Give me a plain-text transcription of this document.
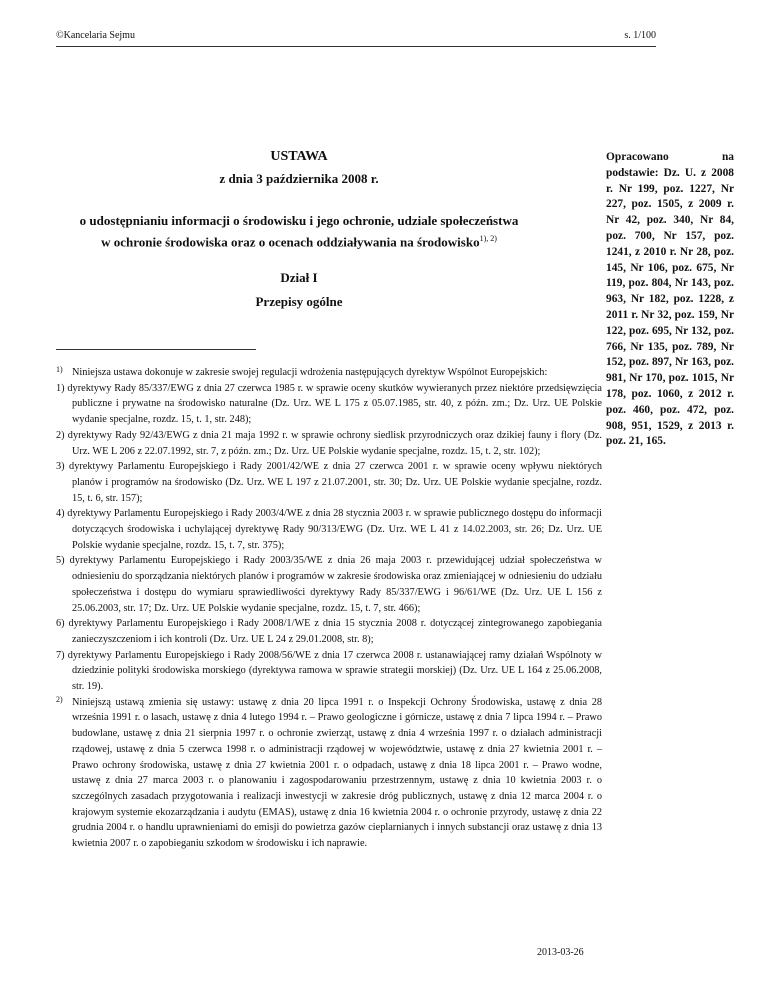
©Kancelaria Sejmu	s. 1/100
USTAWA
z dnia 3 października 2008 r.
o udostępnianiu informacji o środowisku i jego ochronie, udziale społeczeństwa
w ochronie środowiska oraz o ocenach oddziaływania na środowisko$^{1), 2)}$
Dział I
Przepisy ogólne
Opracowano na podstawie: Dz. U. z 2008 r. Nr 199, poz. 1227, Nr 227, poz. 1505, z 2009 r. Nr 42, poz. 340, Nr 84, poz. 700, Nr 157, poz. 1241, z 2010 r. Nr 28, poz. 145, Nr 106, poz. 675, Nr 119, poz. 804, Nr 143, poz. 963, Nr 182, poz. 1228, z 2011 r. Nr 32, poz. 159, Nr 122, poz. 695, Nr 132, poz. 766, Nr 135, poz. 789, Nr 152, poz. 897, Nr 163, poz. 981, Nr 170, poz. 1015, Nr 178, poz. 1060, z 2012 r. poz. 460, poz. 472, poz. 908, 951, 1529, z 2013 r. poz. 21, 165.
1) Niniejsza ustawa dokonuje w zakresie swojej regulacji wdrożenia następujących dyrektyw Wspólnot Europejskich:

1) dyrektywy Rady 85/337/EWG z dnia 27 czerwca 1985 r. w sprawie oceny skutków wywieranych przez niektóre przedsięwzięcia publiczne i prywatne na środowisko naturalne (Dz. Urz. WE L 175 z 05.07.1985, str. 40, z późn. zm.; Dz. Urz. UE Polskie wydanie specjalne, rozdz. 15, t. 1, str. 248);

2) dyrektywy Rady 92/43/EWG z dnia 21 maja 1992 r. w sprawie ochrony siedlisk przyrodniczych oraz dzikiej fauny i flory (Dz. Urz. WE L 206 z 22.07.1992, str. 7, z późn. zm.; Dz. Urz. UE Polskie wydanie specjalne, rozdz. 15, t. 2, str. 102);

3) dyrektywy Parlamentu Europejskiego i Rady 2001/42/WE z dnia 27 czerwca 2001 r. w sprawie oceny wpływu niektórych planów i programów na środowisko (Dz. Urz. WE L 197 z 21.07.2001, str. 30; Dz. Urz. UE Polskie wydanie specjalne, rozdz. 15, t. 6, str. 157);

4) dyrektywy Parlamentu Europejskiego i Rady 2003/4/WE z dnia 28 stycznia 2003 r. w sprawie publicznego dostępu do informacji dotyczących środowiska i uchylającej dyrektywę Rady 90/313/EWG (Dz. Urz. WE L 41 z 14.02.2003, str. 26; Dz. Urz. UE Polskie wydanie specjalne, rozdz. 15, t. 7, str. 375);

5) dyrektywy Parlamentu Europejskiego i Rady 2003/35/WE z dnia 26 maja 2003 r. przewidującej udział społeczeństwa w odniesieniu do sporządzania niektórych planów i programów w zakresie środowiska oraz zmieniającej w odniesieniu do udziału społeczeństwa i dostępu do wymiaru sprawiedliwości dyrektywy Rady 85/337/EWG i 96/61/WE (Dz. Urz. UE L 156 z 25.06.2003, str. 17; Dz. Urz. UE Polskie wydanie specjalne, rozdz. 15, t. 7, str. 466);

6) dyrektywy Parlamentu Europejskiego i Rady 2008/1/WE z dnia 15 stycznia 2008 r. dotyczącej zintegrowanego zapobiegania zanieczyszczeniom i ich kontroli (Dz. Urz. UE L 24 z 29.01.2008, str. 8);

7) dyrektywy Parlamentu Europejskiego i Rady 2008/56/WE z dnia 17 czerwca 2008 r. ustanawiającej ramy działań Wspólnoty w dziedzinie polityki środowiska morskiego (dyrektywa ramowa w sprawie strategii morskiej) (Dz. Urz. UE L 164 z 25.06.2008, str. 19).

2) Niniejszą ustawą zmienia się ustawy: ustawę z dnia 20 lipca 1991 r. o Inspekcji Ochrony Środowiska, ustawę z dnia 28 września 1991 r. o lasach, ustawę z dnia 4 lutego 1994 r. – Prawo geologiczne i górnicze, ustawę z dnia 7 lipca 1994 r. – Prawo budowlane, ustawę z dnia 21 sierpnia 1997 r. o ochronie zwierząt, ustawę z dnia 4 września 1997 r. o działach administracji rządowej, ustawę z dnia 5 czerwca 1998 r. o administracji rządowej w województwie, ustawę z dnia 27 kwietnia 2001 r. – Prawo ochrony środowiska, ustawę z dnia 27 kwietnia 2001 r. o odpadach, ustawę z dnia 18 lipca 2001 r. – Prawo wodne, ustawę z dnia 27 marca 2003 r. o planowaniu i zagospodarowaniu przestrzennym, ustawę z dnia 10 kwietnia 2003 r. o szczególnych zasadach przygotowania i realizacji inwestycji w zakresie dróg publicznych, ustawę z dnia 12 marca 2004 r. o krajowym systemie ekozarządzania i audytu (EMAS), ustawę z dnia 16 kwietnia 2004 r. o ochronie przyrody, ustawę z dnia 22 grudnia 2004 r. o handlu uprawnieniami do emisji do powietrza gazów cieplarnianych i innych substancji oraz ustawę z dnia 13 kwietnia 2007 r. o zapobieganiu szkodom w środowisku i ich naprawie.

2013-03-26
